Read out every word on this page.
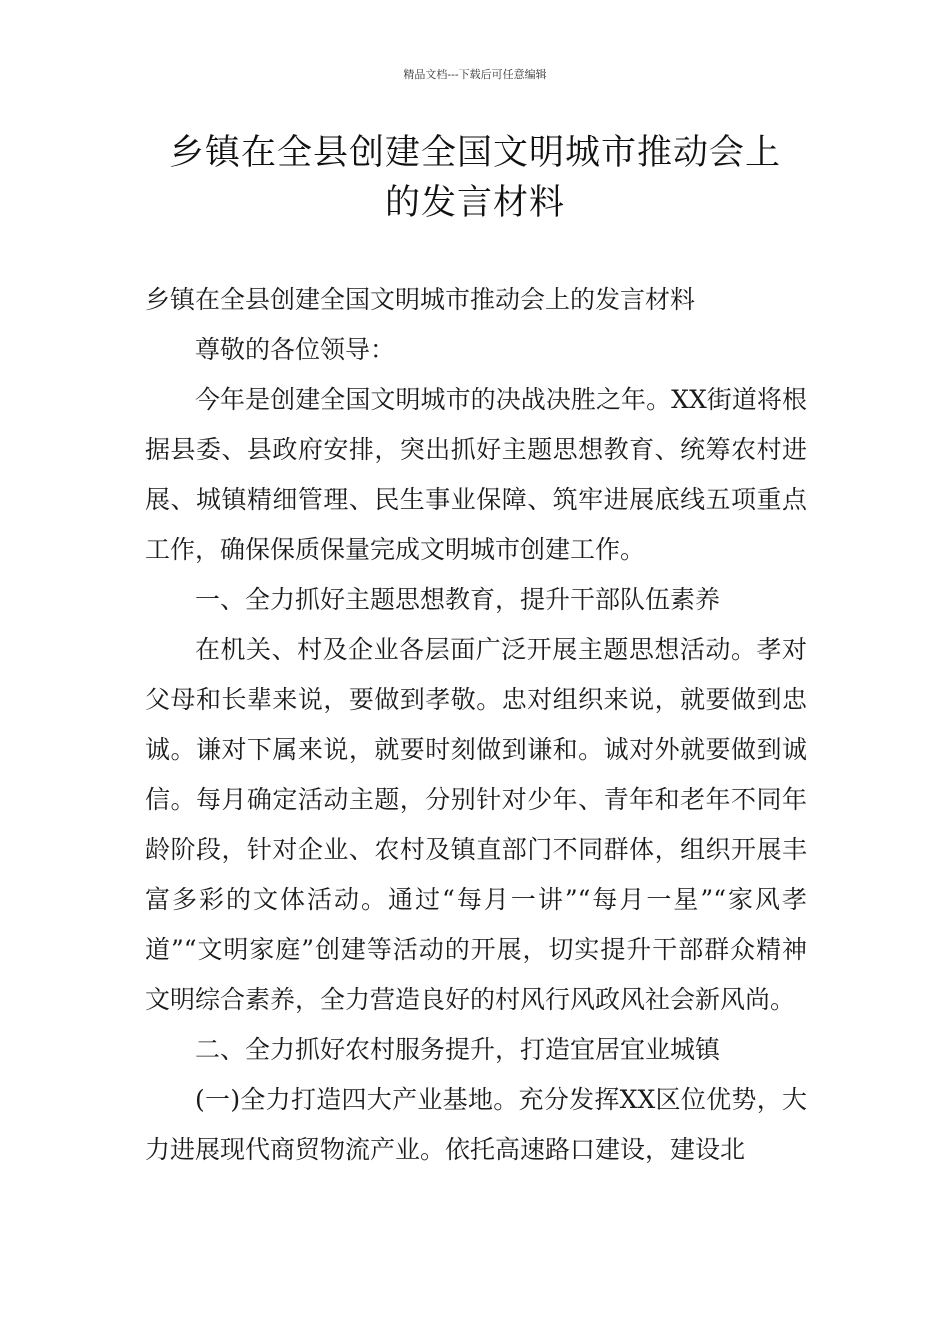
精品文档---下载后可任意编辑
乡镇在全县创建全国文明城市推动会上
的发言材料

乡镇在全县创建全国文明城市推动会上的发言材料

尊敬的各位领导：

今年是创建全国文明城市的决战决胜之年。XX街道将根据县委、县政府安排，突出抓好主题思想教育、统筹农村进展、城镇精细管理、民生事业保障、筑牢进展底线五项重点工作，确保保质保量完成文明城市创建工作。

一、全力抓好主题思想教育，提升干部队伍素养

在机关、村及企业各层面广泛开展主题思想活动。孝对父母和长辈来说，要做到孝敬。忠对组织来说，就要做到忠诚。谦对下属来说，就要时刻做到谦和。诚对外就要做到诚信。每月确定活动主题，分别针对少年、青年和老年不同年龄阶段，针对企业、农村及镇直部门不同群体，组织开展丰富多彩的文体活动。通过“每月一讲”“每月一星”“家风孝道”“文明家庭”创建等活动的开展，切实提升干部群众精神文明综合素养，全力营造良好的村风行风政风社会新风尚。

二、全力抓好农村服务提升，打造宜居宜业城镇

(一)全力打造四大产业基地。充分发挥XX区位优势，大力进展现代商贸物流产业。依托高速路口建设，建设北
